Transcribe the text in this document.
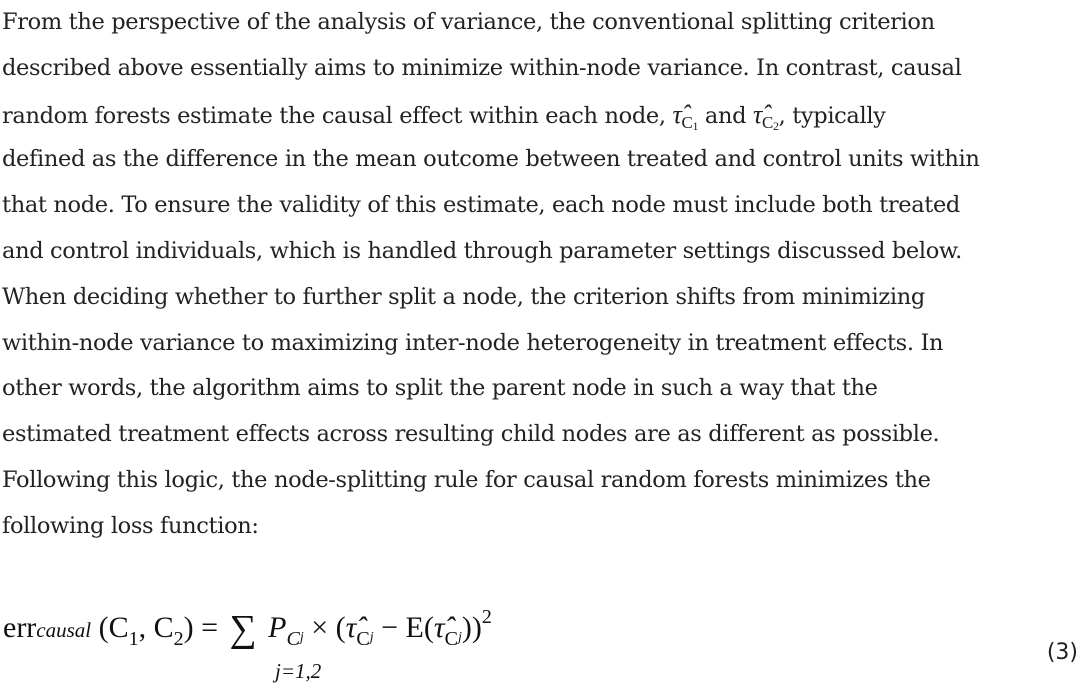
From the perspective of the analysis of variance, the conventional splitting criterion
described above essentially aims to minimize within-node variance. In contrast, causal
random forests estimate the causal effect within each node, $\taû_{C1}$ and $\taû_{C2}$, typically
defined as the difference in the mean outcome between treated and control units within
that node. To ensure the validity of this estimate, each node must include both treated
and control individuals, which is handled through parameter settings discussed below.
When deciding whether to further split a node, the criterion shifts from minimizing
within-node variance to maximizing inter-node heterogeneity in treatment effects. In
other words, the algorithm aims to split the parent node in such a way that the
estimated treatment effects across resulting child nodes are as different as possible.
Following this logic, the node-splitting rule for causal random forests minimizes the
following loss function:

errcausal ($C_1$, $C_2$) = ∑ $P_Cj$ × ($\taû_Cj$ − $E(\taû_Cj))^2$
j=1,2
(3)
